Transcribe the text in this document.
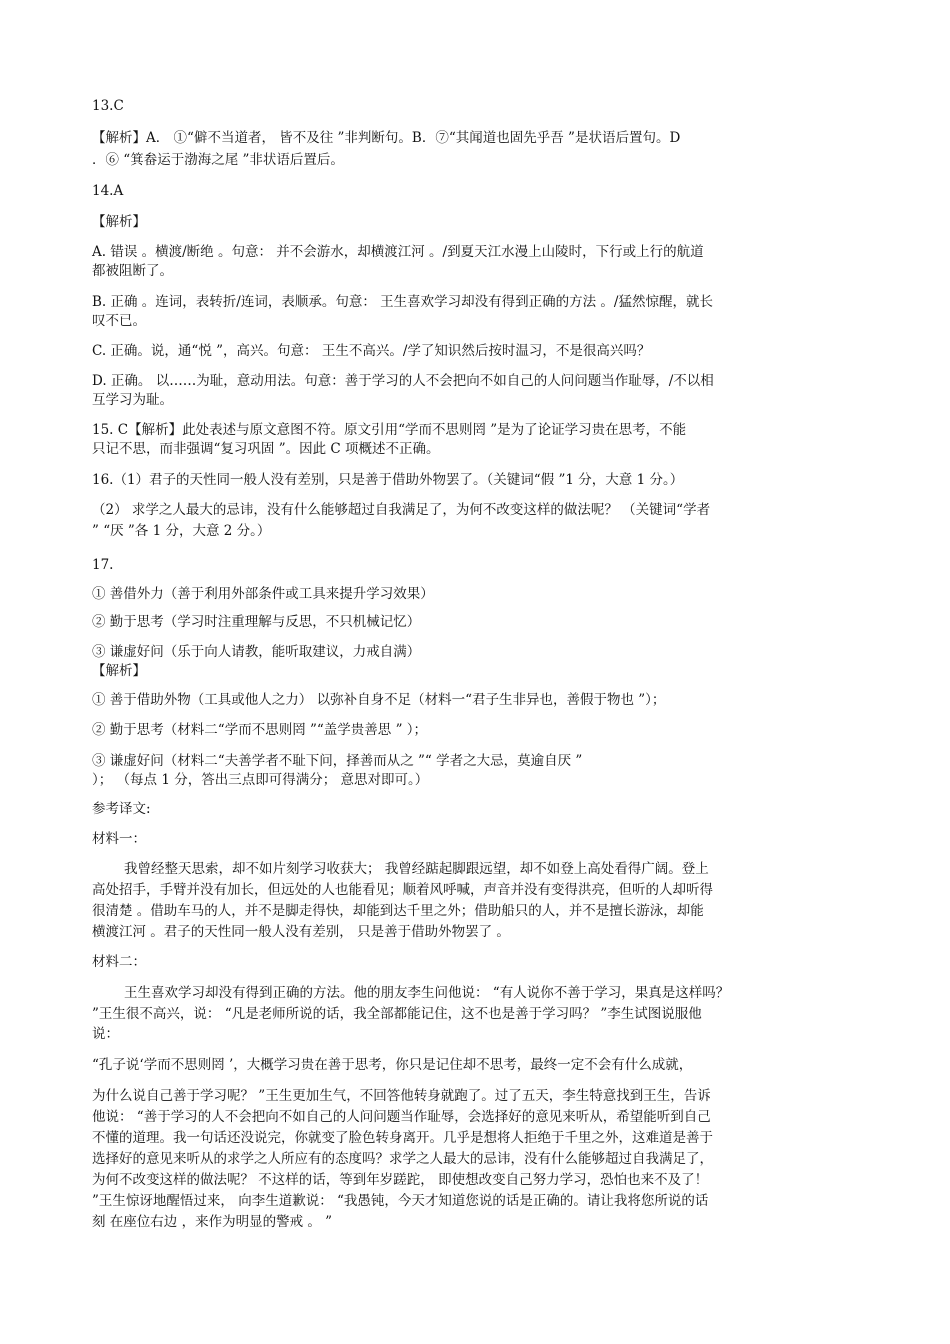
13.C
【解析】A． ①“僻不当道者， 皆不及往 ”非判断句。B．⑦“其闻道也固先乎吾 ”是状语后置句。D
．⑥ “箕畚运于渤海之尾 ”非状语后置后。
14.A
【解析】
A. 错误 。横渡/断绝 。句意： 并不会游水，却横渡江河 。/到夏天江水漫上山陵时，下行或上行的航道
都被阻断了。
B. 正确 。连词，表转折/连词，表顺承。句意： 王生喜欢学习却没有得到正确的方法 。/猛然惊醒，就长
叹不已。
C. 正确。说，通“悦 ”，高兴。句意： 王生不高兴。/学了知识然后按时温习，不是很高兴吗？
D. 正确。 以……为耻，意动用法。句意：善于学习的人不会把向不如自己的人问问题当作耻辱，/不以相
互学习为耻。
15. C【解析】此处表述与原文意图不符。原文引用“学而不思则罔 ”是为了论证学习贵在思考，不能
只记不思，而非强调“复习巩固 ”。因此 C 项概述不正确。
16.（1）君子的天性同一般人没有差别，只是善于借助外物罢了。（关键词“假 ”1 分，大意 1 分。）
（2） 求学之人最大的忌讳，没有什么能够超过自我满足了，为何不改变这样的做法呢？ （关键词“学者
” “厌 ”各 1 分，大意 2 分。）
17.
① 善借外力（善于利用外部条件或工具来提升学习效果）
② 勤于思考（学习时注重理解与反思，不只机械记忆）
③ 谦虚好问（乐于向人请教，能听取建议，力戒自满）
【解析】
① 善于借助外物（工具或他人之力） 以弥补自身不足（材料一“君子生非异也，善假于物也 ”）；
② 勤于思考（材料二“学而不思则罔 ”“盖学贵善思 ” ）；
③ 谦虚好问（材料二“夫善学者不耻下问，择善而从之 ”“ 学者之大忌，莫逾自厌 ”
）； （每点 1 分，答出三点即可得满分； 意思对即可。）
参考译文:
材料一：
我曾经整天思索，却不如片刻学习收获大； 我曾经踮起脚跟远望，却不如登上高处看得广阔。登上
高处招手，手臂并没有加长，但远处的人也能看见；顺着风呼喊，声音并没有变得洪亮，但听的人却听得
很清楚 。借助车马的人，并不是脚走得快，却能到达千里之外；借助船只的人，并不是擅长游泳，却能
横渡江河 。君子的天性同一般人没有差别， 只是善于借助外物罢了 。
材料二：
王生喜欢学习却没有得到正确的方法。他的朋友李生问他说： “有人说你不善于学习，果真是这样吗？
”王生很不高兴，说： “凡是老师所说的话，我全部都能记住，这不也是善于学习吗？ ”李生试图说服他
说：
“孔子说‘学而不思则罔 ’，大概学习贵在善于思考，你只是记住却不思考，最终一定不会有什么成就，
为什么说自己善于学习呢？ ”王生更加生气，不回答他转身就跑了。过了五天，李生特意找到王生，告诉
他说： “善于学习的人不会把向不如自己的人问问题当作耻辱，会选择好的意见来听从，希望能听到自己
不懂的道理。我一句话还没说完，你就变了脸色转身离开。几乎是想将人拒绝于千里之外，这难道是善于
选择好的意见来听从的求学之人所应有的态度吗？求学之人最大的忌讳，没有什么能够超过自我满足了，
为何不改变这样的做法呢？ 不这样的话，等到年岁蹉跎， 即使想改变自己努力学习，恐怕也来不及了！
”王生惊讶地醒悟过来， 向李生道歉说： “我愚钝，今天才知道您说的话是正确的。请让我将您所说的话
刻 在座位右边 ，来作为明显的警戒 。 ”
